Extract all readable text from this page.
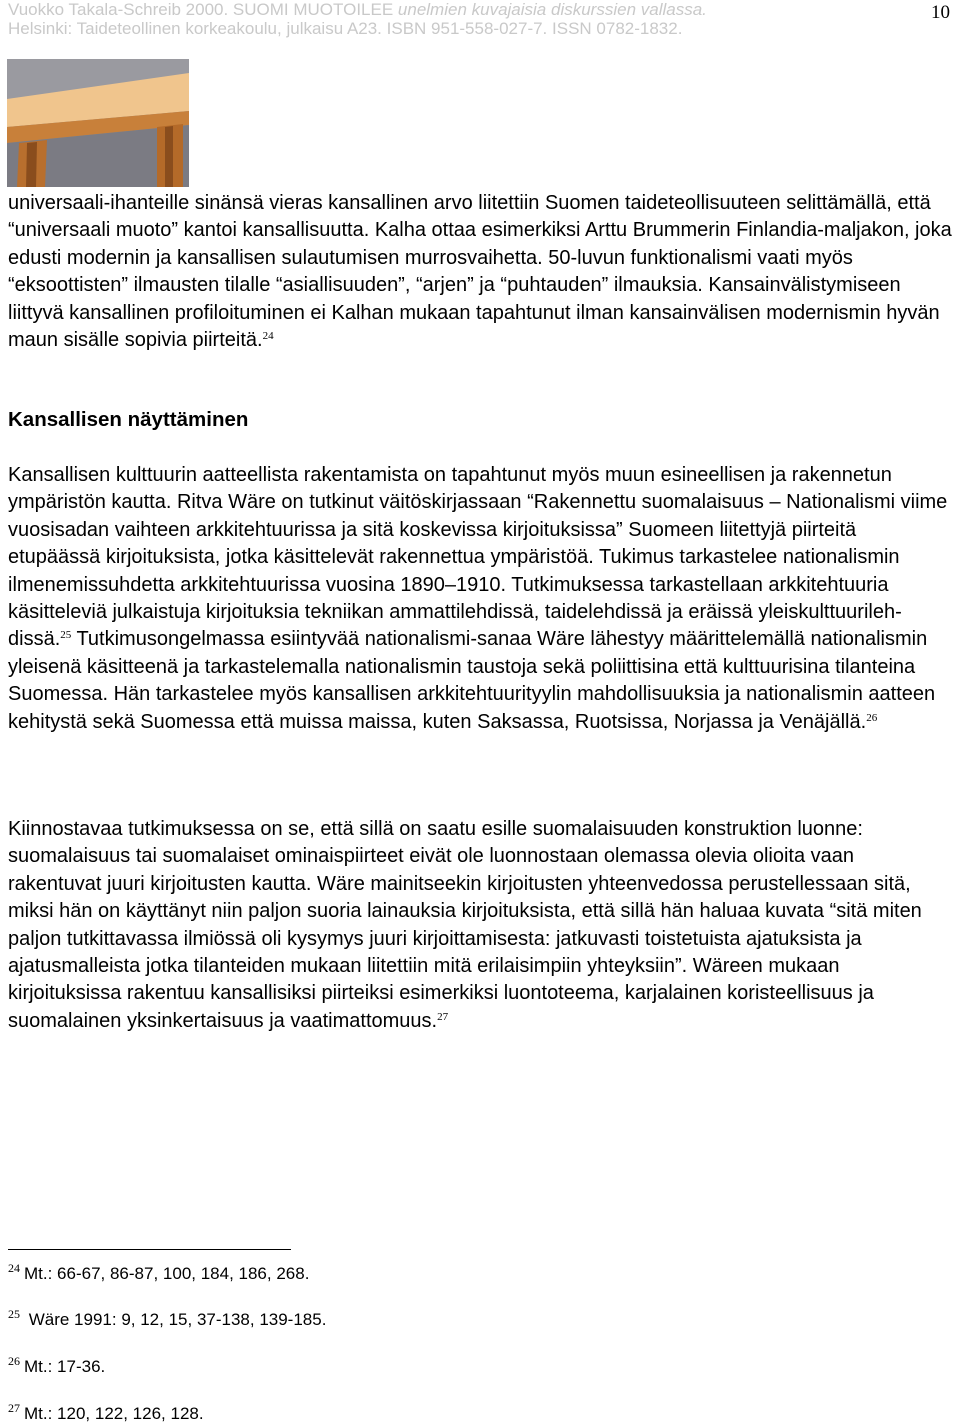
Vuokko Takala-Schreib 2000. SUOMI MUOTOILEE unelmien kuvajaisia diskurssien vallassa.
Helsinki: Taideteollinen korkeakoulu, julkaisu A23. ISBN 951-558-027-7. ISSN 0782-1832.
10

universaali-ihanteille sinänsä vieras kansallinen arvo liitettiin Suomen taideteollisuuteen selittämällä, että “universaali muoto” kantoi kansallisuutta. Kalha ottaa esimerkiksi Arttu Brummerin Finlandia-maljakon, joka edusti modernin ja kansallisen sulautumisen murrosvaihetta. 50-luvun funktionalismi vaati myös “eksoottisten” ilmausten tilalle “asiallisuuden”, “arjen” ja “puhtauden” ilmauksia. Kansainvälistymiseen liittyvä kansallinen profiloituminen ei Kalhan mukaan tapahtunut ilman kansainvälisen modernismin hyvän maun sisälle sopivia piirteitä.$^{24}$

Kansallisen näyttäminen

Kansallisen kulttuurin aatteellista rakentamista on tapahtunut myös muun esineellisen ja rakennetun ympäristön kautta. Ritva Wäre on tutkinut väitöskirjassaan “Rakennettu suomalaisuus – Nationalismi viime vuosisadan vaihteen arkkitehtuurissa ja sitä koskevissa kirjoituksissa” Suomeen liitettyjä piirteitä etupäässä kirjoituksista, jotka käsittelevät rakennettua ympäristöä. Tukimus tarkastelee nationalismin ilmenemissuhdetta arkkitehtuurissa vuosina 1890–1910. Tutkimuksessa tarkastellaan arkkitehtuuria käsitteleviä julkaistuja kirjoituksia tekniikan ammattilehdissä, taidelehdissä ja eräissä yleiskulttuurilehdissä.$^{25}$ Tutkimusongelmassa esiintyvää nationalismi-sanaa Wäre lähestyy määrittelemällä nationalismin yleisenä käsitteenä ja tarkastelemalla nationalismin taustoja sekä poliittisina että kulttuurisina tilanteina Suomessa. Hän tarkastelee myös kansallisen arkkitehtuurityylin mahdollisuuksia ja nationalismin aatteen kehitystä sekä Suomessa että muissa maissa, kuten Saksassa, Ruotsissa, Norjassa ja Venäjällä.$^{26}$

Kiinnostavaa tutkimuksessa on se, että sillä on saatu esille suomalaisuuden konstruktion luonne: suomalaisuus tai suomalaiset ominaispiirteet eivät ole luonnostaan olemassa olevia olioita vaan rakentuvat juuri kirjoitusten kautta. Wäre mainitseekin kirjoitusten yhteenvedossa perustellessaan sitä, miksi hän on käyttänyt niin paljon suoria lainauksia kirjoituksista, että sillä hän haluaa kuvata “sitä miten paljon tutkittavassa ilmiössä oli kysymys juuri kirjoittamisesta: jatkuvasti toistetuista ajatuksista ja ajatusmalleista jotka tilanteiden mukaan liitettiin mitä erilaisimpiin yhteyksiin”. Wäreen mukaan kirjoituksissa rakentuu kansallisiksi piirteiksi esimerkiksi luontoteema, karjalainen koristeellisuus ja suomalainen yksinkertaisuus ja vaatimattomuus.$^{27}$

$^{24}$ Mt.: 66-67, 86-87, 100, 184, 186, 268.
$^{25}$ Wäre 1991: 9, 12, 15, 37-138, 139-185.
$^{26}$ Mt.: 17-36.
$^{27}$ Mt.: 120, 122, 126, 128.
